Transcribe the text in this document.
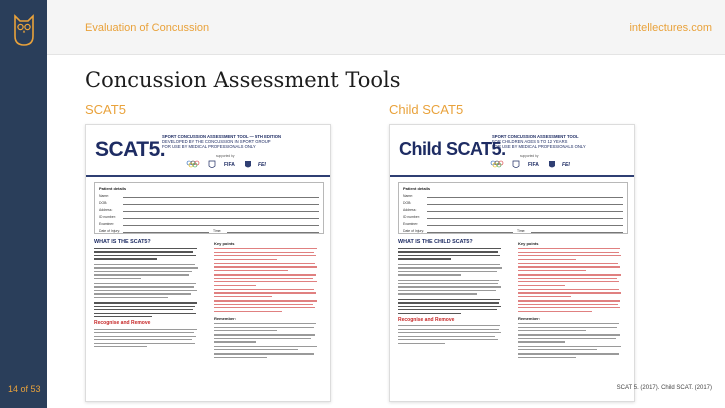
14 of 53
Evaluation of Concussion	intellectures.com
Concussion Assessment Tools
SCAT5	Child SCAT5
SCAT5.
SPORT CONCUSSION ASSESSMENT TOOL — 5TH EDITION
DEVELOPED BY THE CONCUSSION IN SPORT GROUP
FOR USE BY MEDICAL PROFESSIONALS ONLY
supported by
FIFA	FEI
Patient details
Name:
DOB:
Address:
ID number:
Examiner:
Date of Injury:	Time:
WHAT IS THE SCAT5?
Recognise and Remove
Key points
Remember:
Child SCAT5.
SPORT CONCUSSION ASSESSMENT TOOL
FOR CHILDREN AGES 5 TO 12 YEARS
FOR USE BY MEDICAL PROFESSIONALS ONLY
supported by
FIFA	FEI
Patient details
Name:
DOB:
Address:
ID number:
Examiner:
Date of Injury:	Time:
WHAT IS THE CHILD SCAT5?
Recognise and Remove
Key points
Remember:
SCAT 5. (2017). Child SCAT. (2017)
